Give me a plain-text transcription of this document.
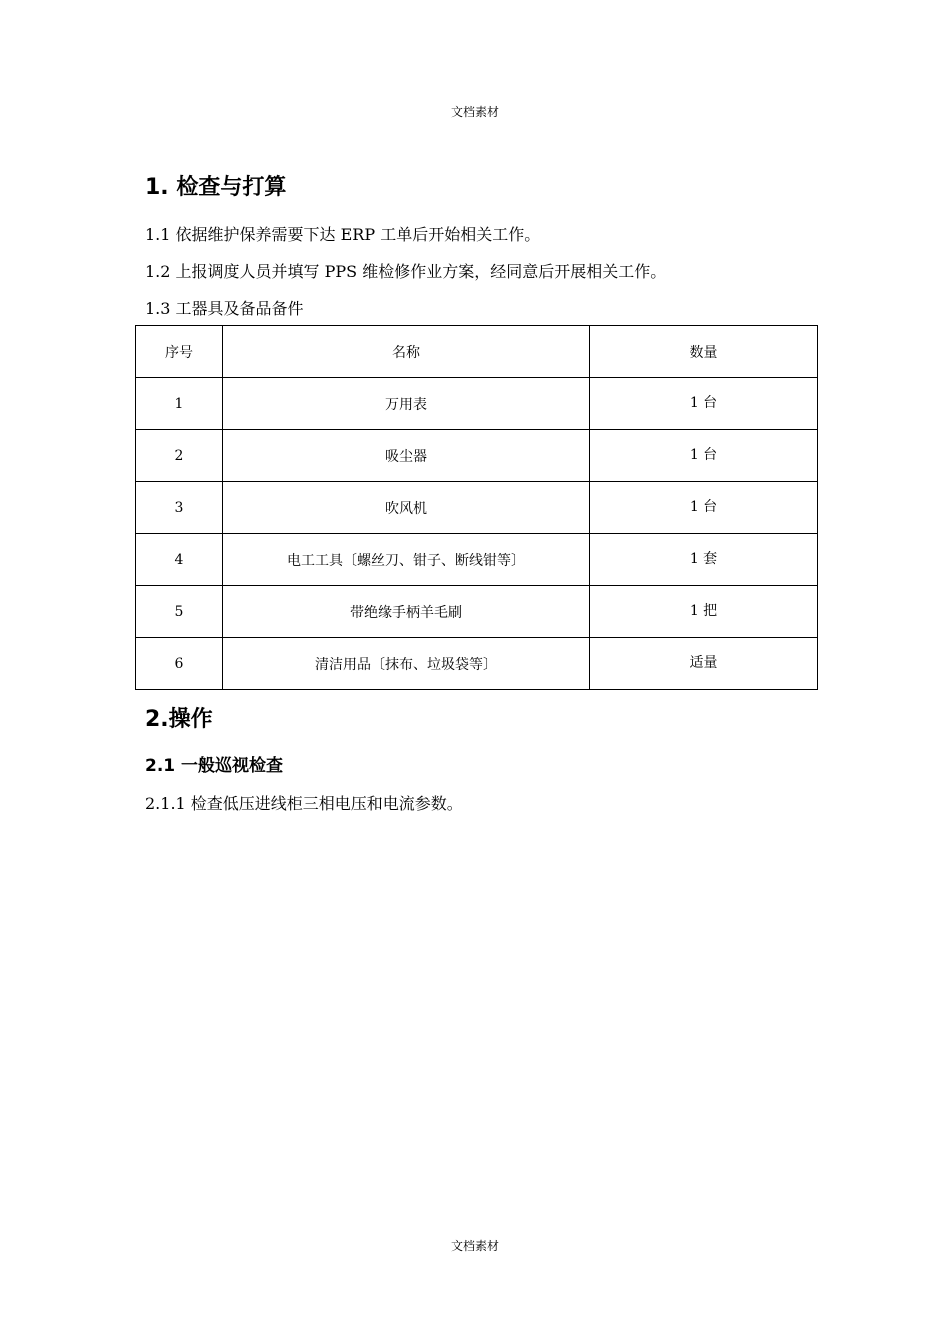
文档素材
1. 检查与打算
1.1 依据维护保养需要下达 ERP 工单后开始相关工作。
1.2 上报调度人员并填写 PPS 维检修作业方案，经同意后开展相关工作。
1.3 工器具及备品备件
序号	名称	数量
1	万用表	1 台
2	吸尘器	1 台
3	吹风机	1 台
4	电工工具〔螺丝刀、钳子、断线钳等〕	1 套
5	带绝缘手柄羊毛刷	1 把
6	清洁用品〔抹布、垃圾袋等〕	适量
2.操作
2.1 一般巡视检查
2.1.1 检查低压进线柜三相电压和电流参数。
文档素材
